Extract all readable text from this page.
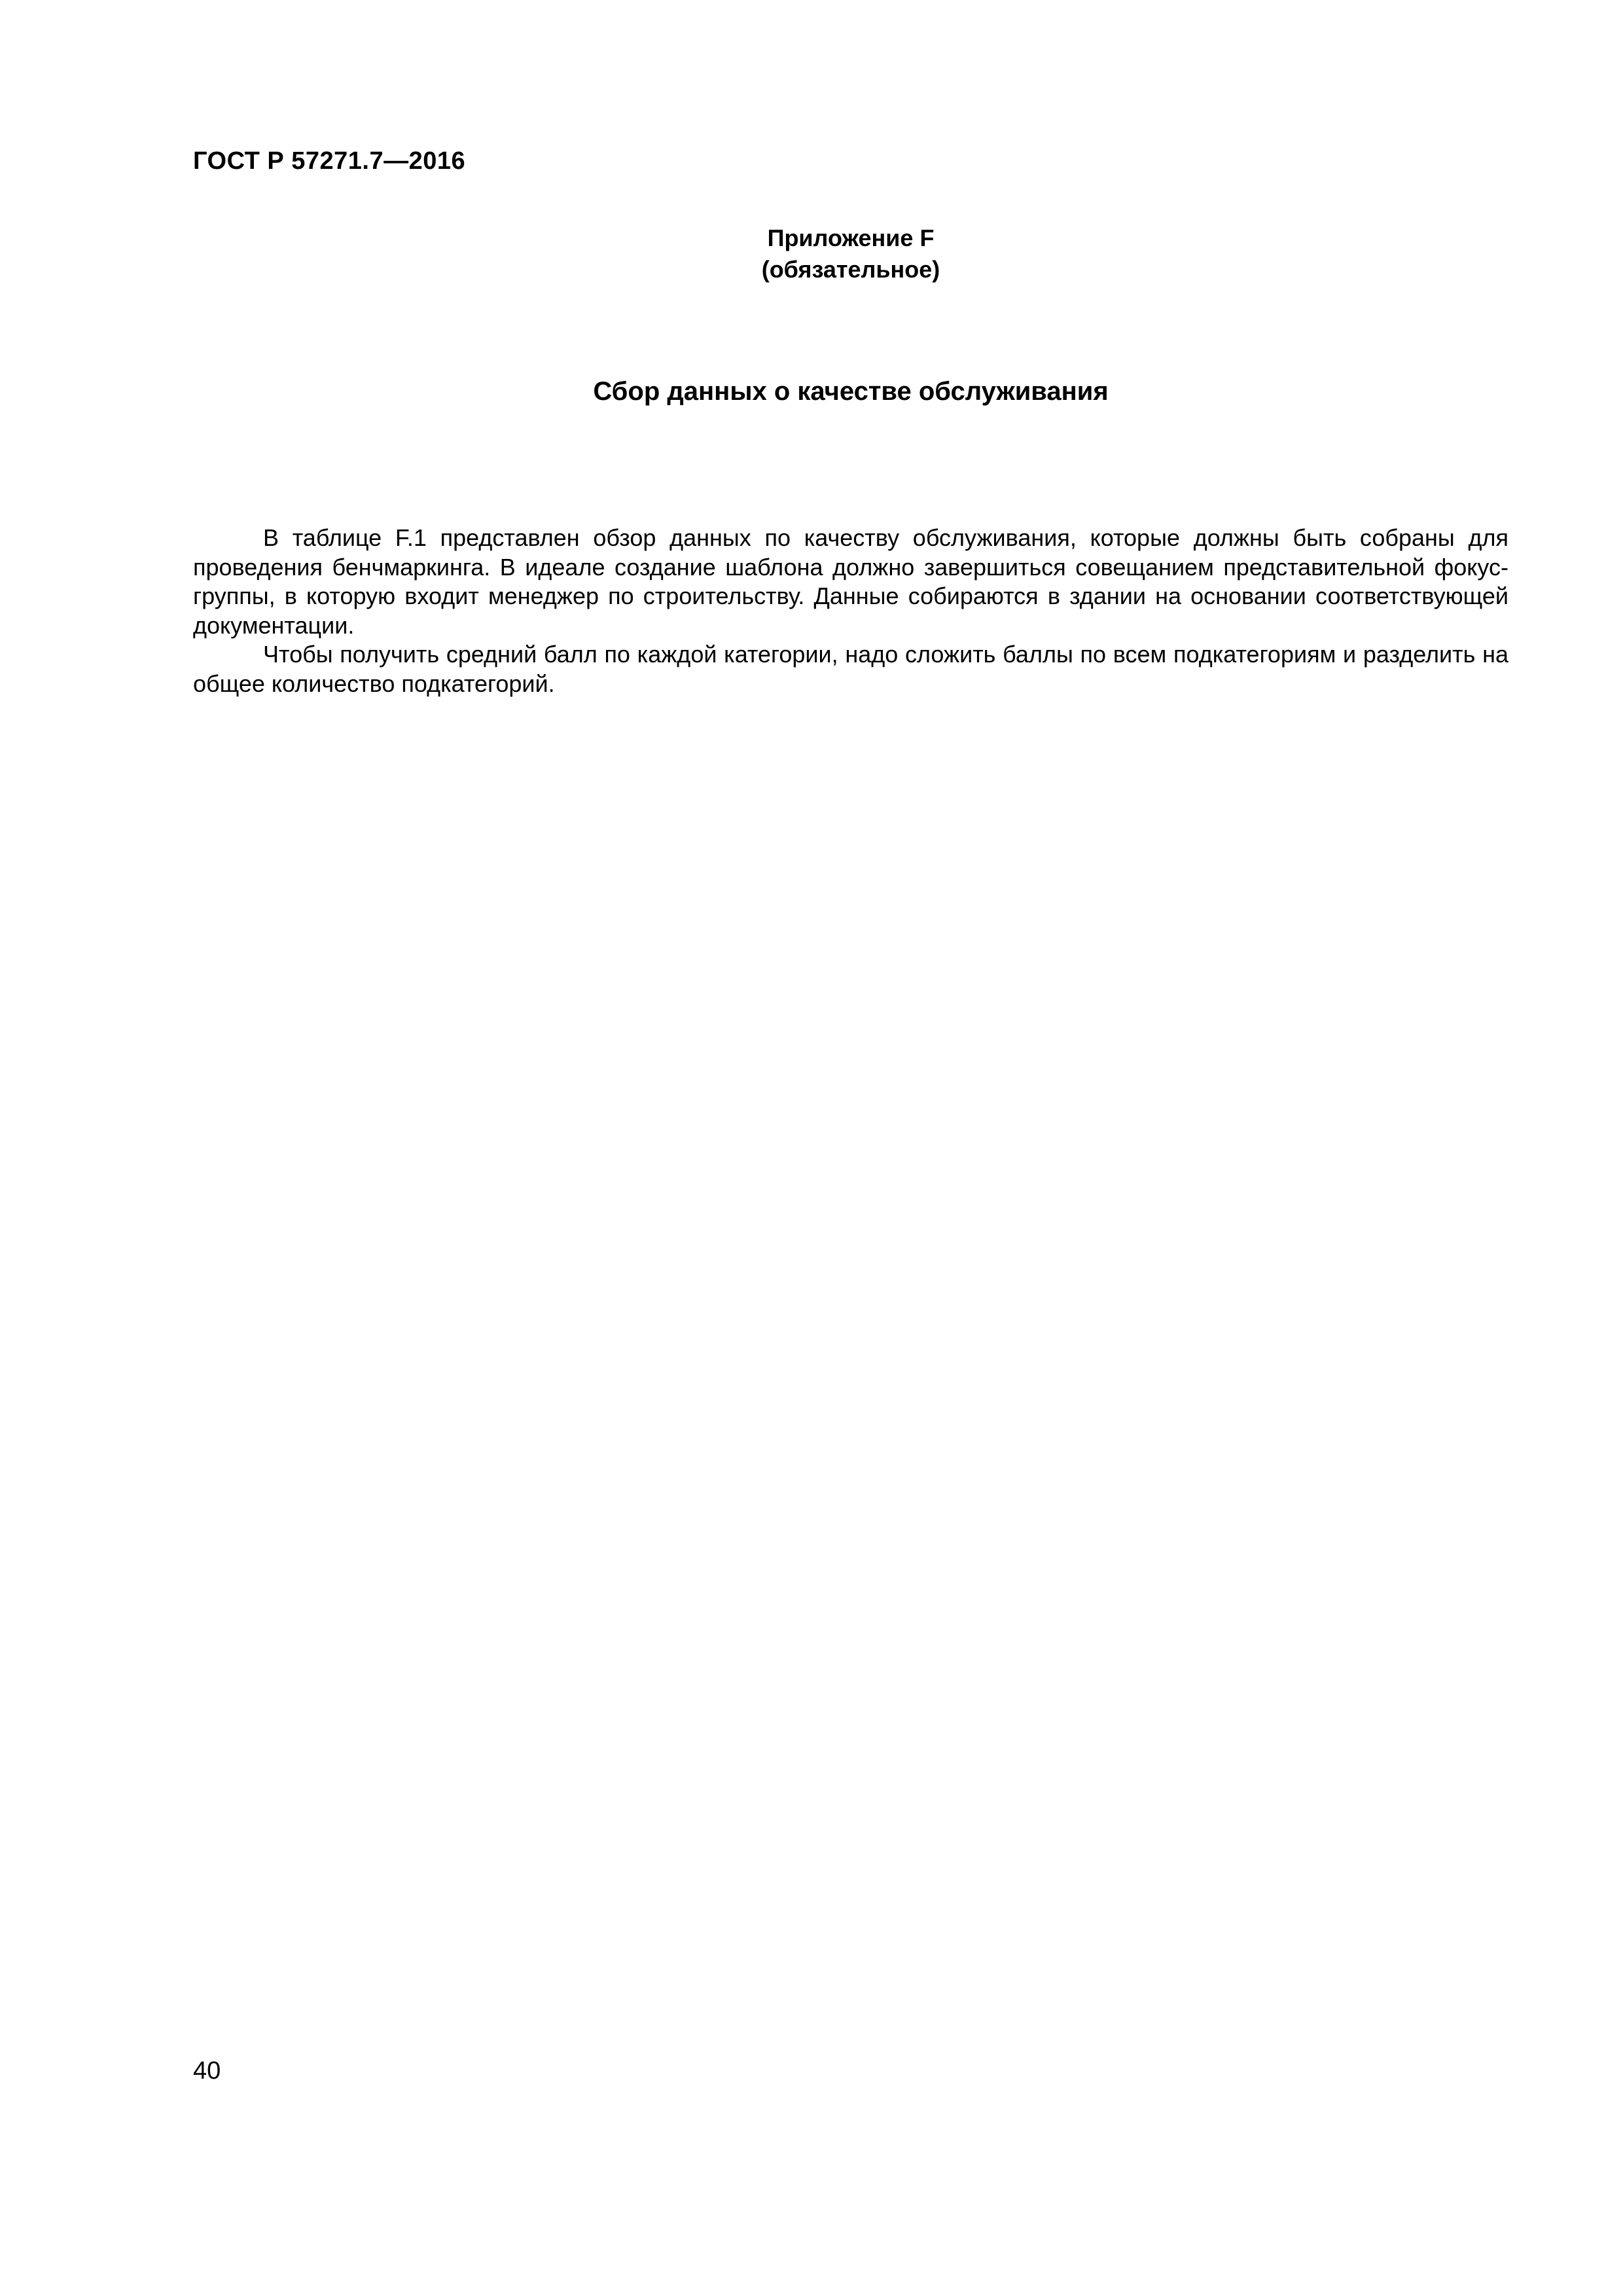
ГОСТ Р 57271.7—2016
Приложение F
(обязательное)
Сбор данных о качестве обслуживания

В таблице F.1 представлен обзор данных по качеству обслуживания, которые должны быть собраны для проведения бенчмаркинга. В идеале создание шаблона должно завершиться совещанием представительной фокус-группы, в которую входит менеджер по строительству. Данные собираются в здании на основании соответствующей документации.

Чтобы получить средний балл по каждой категории, надо сложить баллы по всем подкатегориям и разделить на общее количество подкатегорий.

40
